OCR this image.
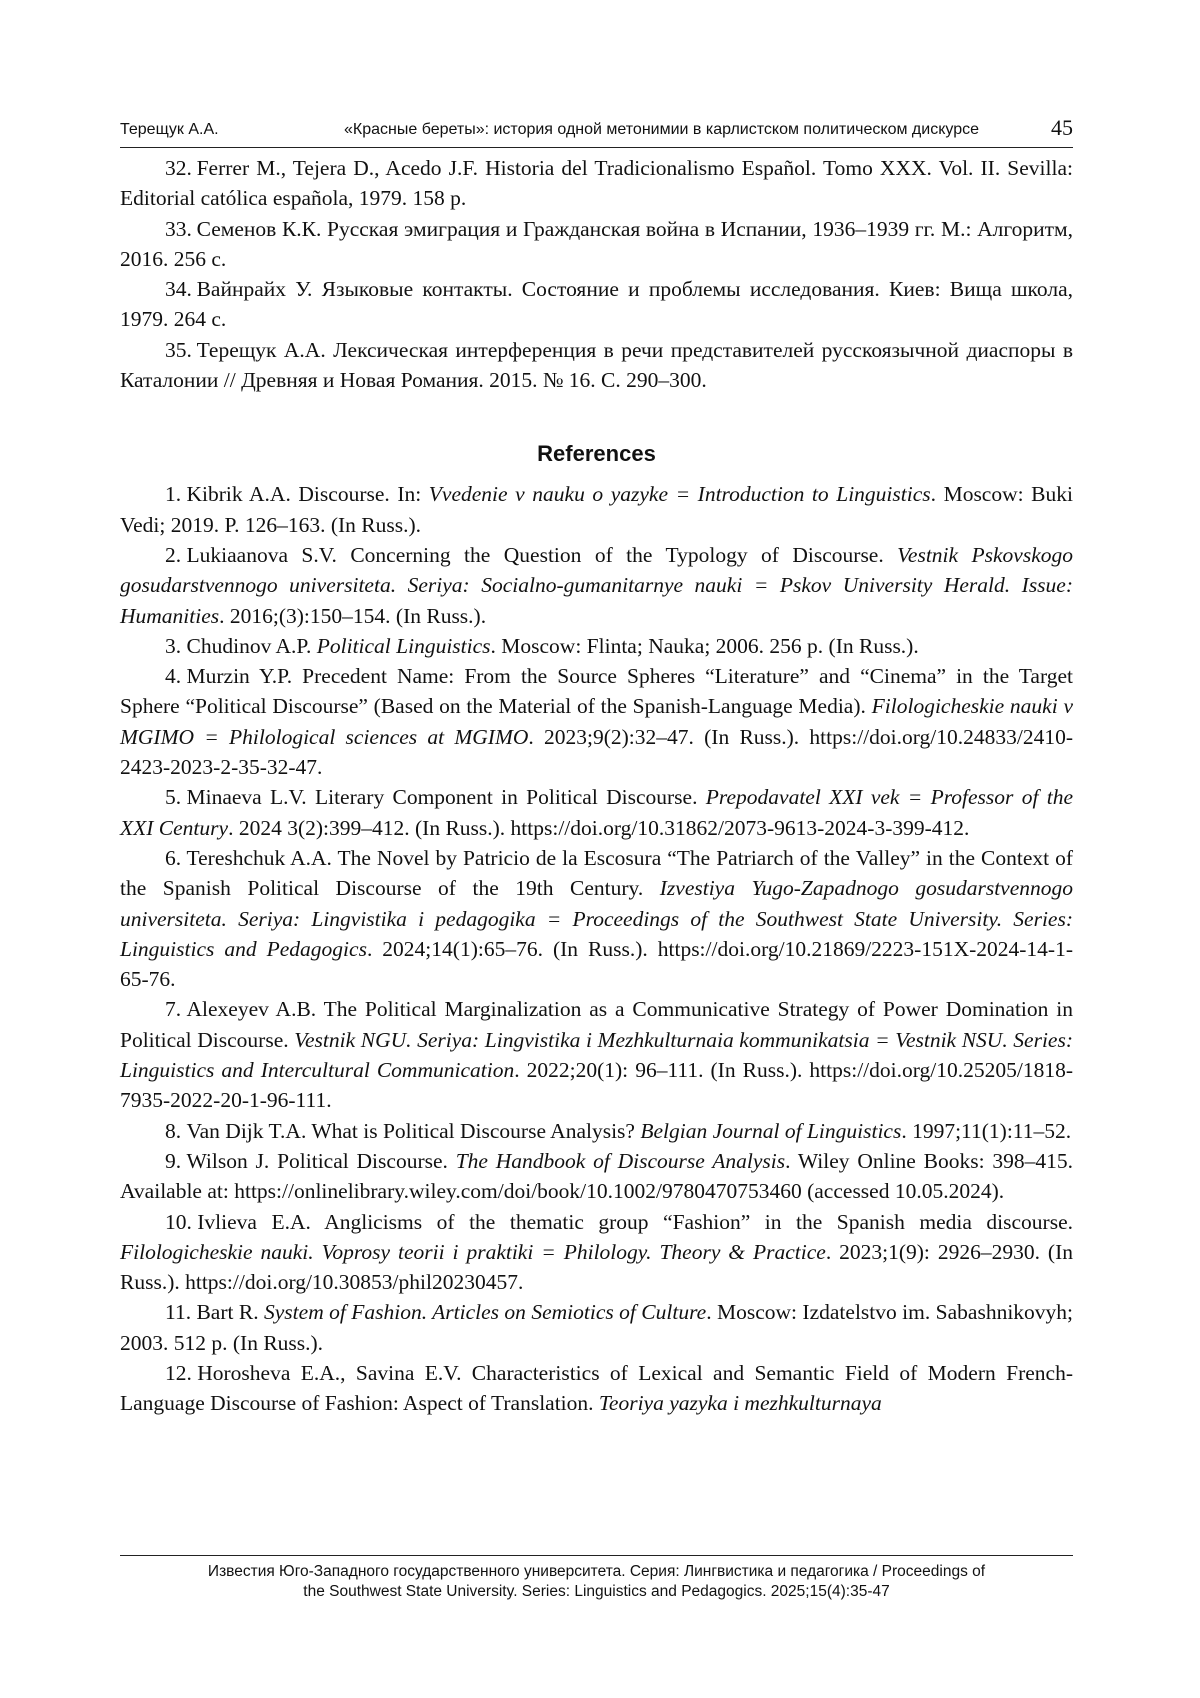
Терещук А.А.	«Красные береты»: история одной метонимии в карлистском политическом дискурсе	45

32. Ferrer M., Tejera D., Acedo J.F. Historia del Tradicionalismo Español. Tomo XXX. Vol. II. Sevilla: Editorial católica española, 1979. 158 p.

33. Семенов К.К. Русская эмиграция и Гражданская война в Испании, 1936–1939 гг. М.: Алгоритм, 2016. 256 с.

34. Вайнрайх У. Языковые контакты. Состояние и проблемы исследования. Киев: Вища школа, 1979. 264 с.

35. Терещук А.А. Лексическая интерференция в речи представителей русскоязычной диаспоры в Каталонии // Древняя и Новая Романия. 2015. № 16. С. 290–300.

References

1. Kibrik A.A. Discourse. In: Vvedenie v nauku o yazyke = Introduction to Linguistics. Moscow: Buki Vedi; 2019. P. 126–163. (In Russ.).

2. Lukiaanova S.V. Concerning the Question of the Typology of Discourse. Vestnik Pskovskogo gosudarstvennogo universiteta. Seriya: Socialno-gumanitarnye nauki = Pskov University Herald. Issue: Humanities. 2016;(3):150–154. (In Russ.).

3. Chudinov A.P. Political Linguistics. Moscow: Flinta; Nauka; 2006. 256 p. (In Russ.).

4. Murzin Y.P. Precedent Name: From the Source Spheres “Literature” and “Cinema” in the Target Sphere “Political Discourse” (Based on the Material of the Spanish-Language Media). Filologicheskie nauki v MGIMO = Philological sciences at MGIMO. 2023;9(2):32–47. (In Russ.). https://doi.org/10.24833/2410-2423-2023-2-35-32-47.

5. Minaeva L.V. Literary Component in Political Discourse. Prepodavatel XXI vek = Professor of the XXI Century. 2024 3(2):399–412. (In Russ.). https://doi.org/10.31862/2073-9613-2024-3-399-412.

6. Tereshchuk A.A. The Novel by Patricio de la Escosura “The Patriarch of the Valley” in the Context of the Spanish Political Discourse of the 19th Century. Izvestiya Yugo-Zapadnogo gosudarstvennogo universiteta. Seriya: Lingvistika i pedagogika = Proceedings of the Southwest State University. Series: Linguistics and Pedagogics. 2024;14(1):65–76. (In Russ.). https://doi.org/10.21869/2223-151X-2024-14-1-65-76.

7. Alexeyev A.B. The Political Marginalization as a Communicative Strategy of Power Domination in Political Discourse. Vestnik NGU. Seriya: Lingvistika i Mezhkulturnaia kommunikatsia = Vestnik NSU. Series: Linguistics and Intercultural Communication. 2022;20(1): 96–111. (In Russ.). https://doi.org/10.25205/1818-7935-2022-20-1-96-111.

8. Van Dijk T.A. What is Political Discourse Analysis? Belgian Journal of Linguistics. 1997;11(1):11–52.

9. Wilson J. Political Discourse. The Handbook of Discourse Analysis. Wiley Online Books: 398–415. Available at: https://onlinelibrary.wiley.com/doi/book/10.1002/9780470753460 (accessed 10.05.2024).

10. Ivlieva E.A. Anglicisms of the thematic group “Fashion” in the Spanish media discourse. Filologicheskie nauki. Voprosy teorii i praktiki = Philology. Theory & Practice. 2023;1(9): 2926–2930. (In Russ.). https://doi.org/10.30853/phil20230457.

11. Bart R. System of Fashion. Articles on Semiotics of Culture. Moscow: Izdatelstvo im. Sabashnikovyh; 2003. 512 p. (In Russ.).

12. Horosheva E.A., Savina E.V. Characteristics of Lexical and Semantic Field of Modern French-Language Discourse of Fashion: Aspect of Translation. Teoriya yazyka i mezhkulturnaya

Известия Юго-Западного государственного университета. Серия: Лингвистика и педагогика / Proceedings of
the Southwest State University. Series: Linguistics and Pedagogics. 2025;15(4):35-47
